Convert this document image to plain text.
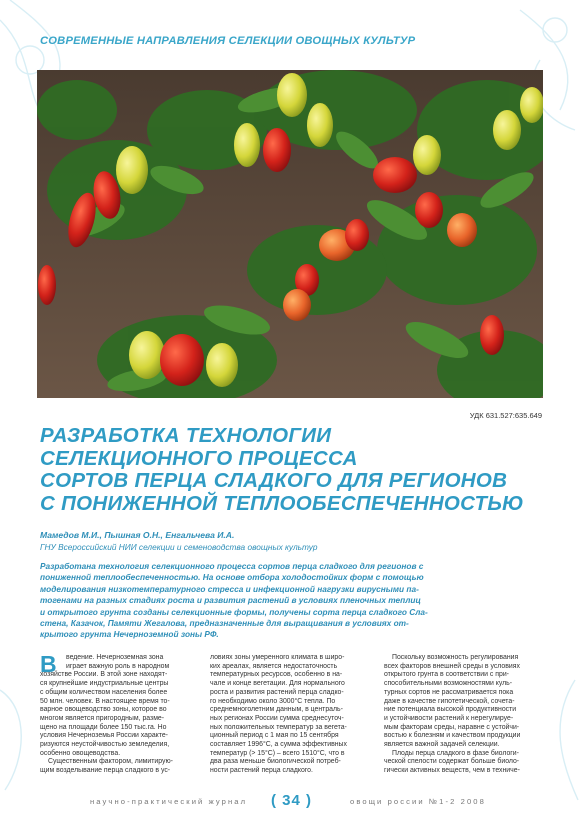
СОВРЕМЕННЫЕ НАПРАВЛЕНИЯ СЕЛЕКЦИИ ОВОЩНЫХ КУЛЬТУР
УДК 631.527:635.649
РАЗРАБОТКА ТЕХНОЛОГИИ
СЕЛЕКЦИОННОГО ПРОЦЕССА
СОРТОВ ПЕРЦА СЛАДКОГО ДЛЯ РЕГИОНОВ
С ПОНИЖЕННОЙ ТЕПЛООБЕСПЕЧЕННОСТЬЮ
Мамедов М.И., Пышная О.Н., Енгальчева И.А.
ГНУ Всероссийский НИИ селекции и семеноводства овощных культур
Разработана технология селекционного процесса сортов перца сладкого для регионов с
пониженной теплообеспеченностью. На основе отбора холодостойких форм с помощью
моделирования низкотемпературного стресса и инфекционной нагрузки вирусными па-
тогенами на разных стадиях роста и развития растений в условиях пленочных теплиц
и открытого грунта созданы селекционные формы, получены сорта перца сладкого Сла-
стена, Казачок, Памяти Жегалова, предназначенные для выращивания в условиях от-
крытого грунта Нечерноземной зоны РФ.
В	ведение. Нечерноземная зона
играет важную роль в народном
хозяйстве России. В этой зоне находят-
ся крупнейшие индустриальные центры
с общим количеством населения более
50 млн. человек. В настоящее время то-
варное овощеводство зоны, которое во
многом является пригородным, разме-
щено на площади более 150 тыс.га. Но
условия Нечерноземья России характе-
ризуются неустойчивостью земледелия,
особенно овощеводства.
Существенным фактором, лимитирую-
щим возделывание перца сладкого в ус-
ловиях зоны умеренного климата в широ-
ких ареалах, является недостаточность
температурных ресурсов, особенно в на-
чале и конце вегетации. Для нормального
роста и развития растений перца сладко-
го необходимо около 3000°С тепла. По
среднемноголетним данным, в централь-
ных регионах России сумма среднесуточ-
ных положительных температур за вегета-
ционный период с 1 мая по 15 сентября
составляет 1996°С, а сумма эффективных
температур (> 15°С) – всего 1510°С, что в
два раза меньше биологической потреб-
ности растений перца сладкого.
Поскольку возможность регулирования
всех факторов внешней среды в условиях
открытого грунта в соответствии с при-
способительными возможностями куль-
турных сортов не рассматривается пока
даже в качестве гипотетической, сочета-
ние потенциала высокой продуктивности
и устойчивости растений к нерегулируе-
мым факторам среды, наравне с устойчи-
востью к болезням и качеством продукции
является важной задачей селекции.
Плоды перца сладкого в фазе биологи-
ческой спелости содержат больше биоло-
гически активных веществ, чем в техниче-
научно-практический журнал ( 34 )	овощи россии №1-2 2008
